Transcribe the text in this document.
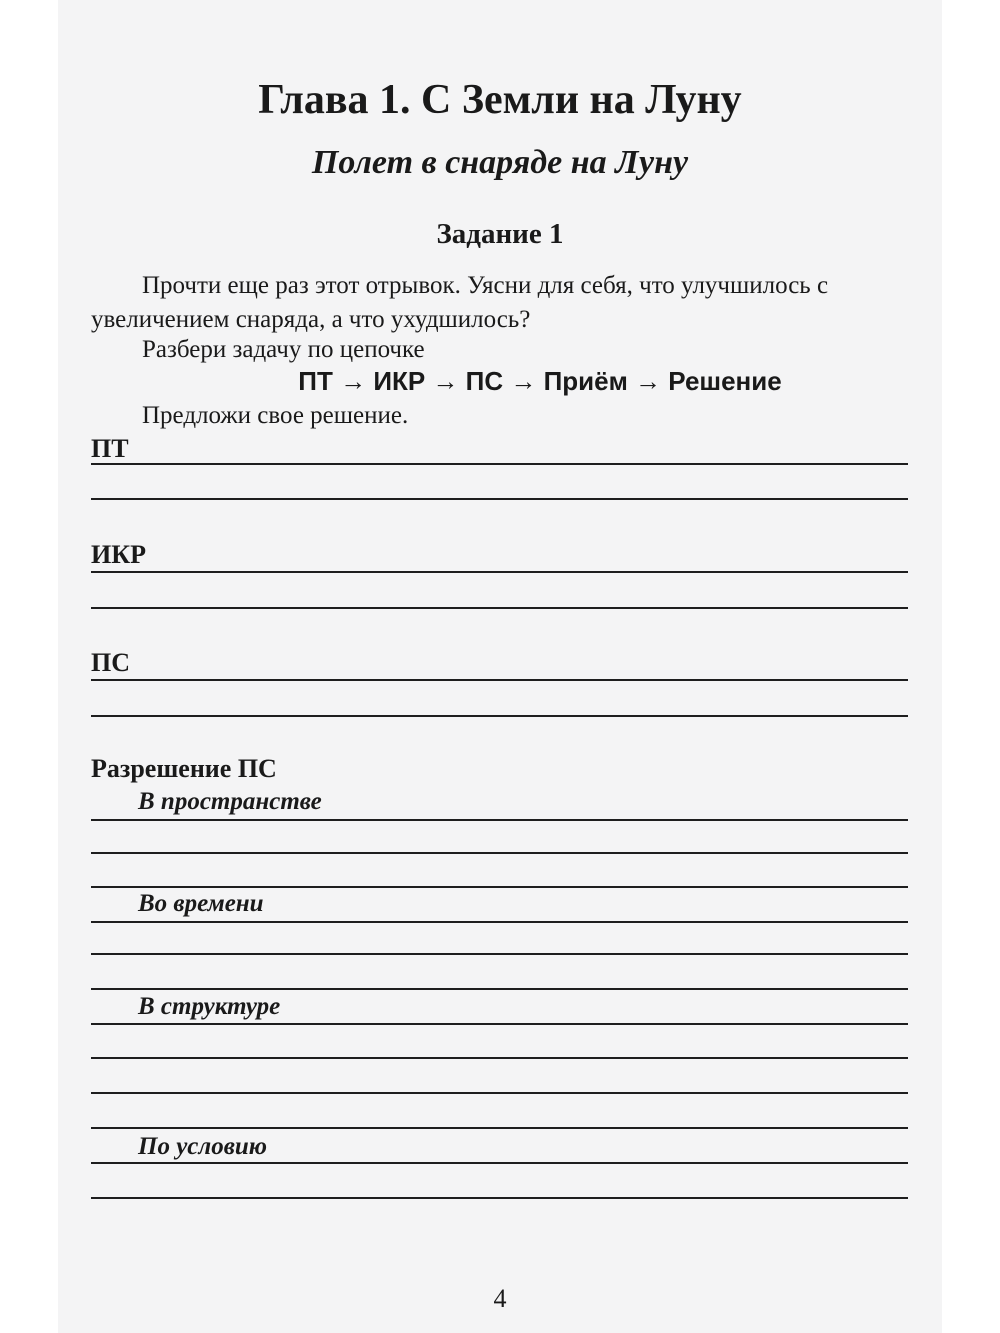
Глава 1. С Земли на Луну
Полет в снаряде на Луну
Задание 1
Прочти еще раз этот отрывок. Уясни для себя, что улучшилось с
увеличением снаряда, а что ухудшилось?
Разбери задачу по цепочке
ПТ → ИКР → ПС → Приём → Решение
Предложи свое решение.
ПТ
ИКР
ПС
Разрешение ПС
В пространстве
Во времени
В структуре
По условию
4
